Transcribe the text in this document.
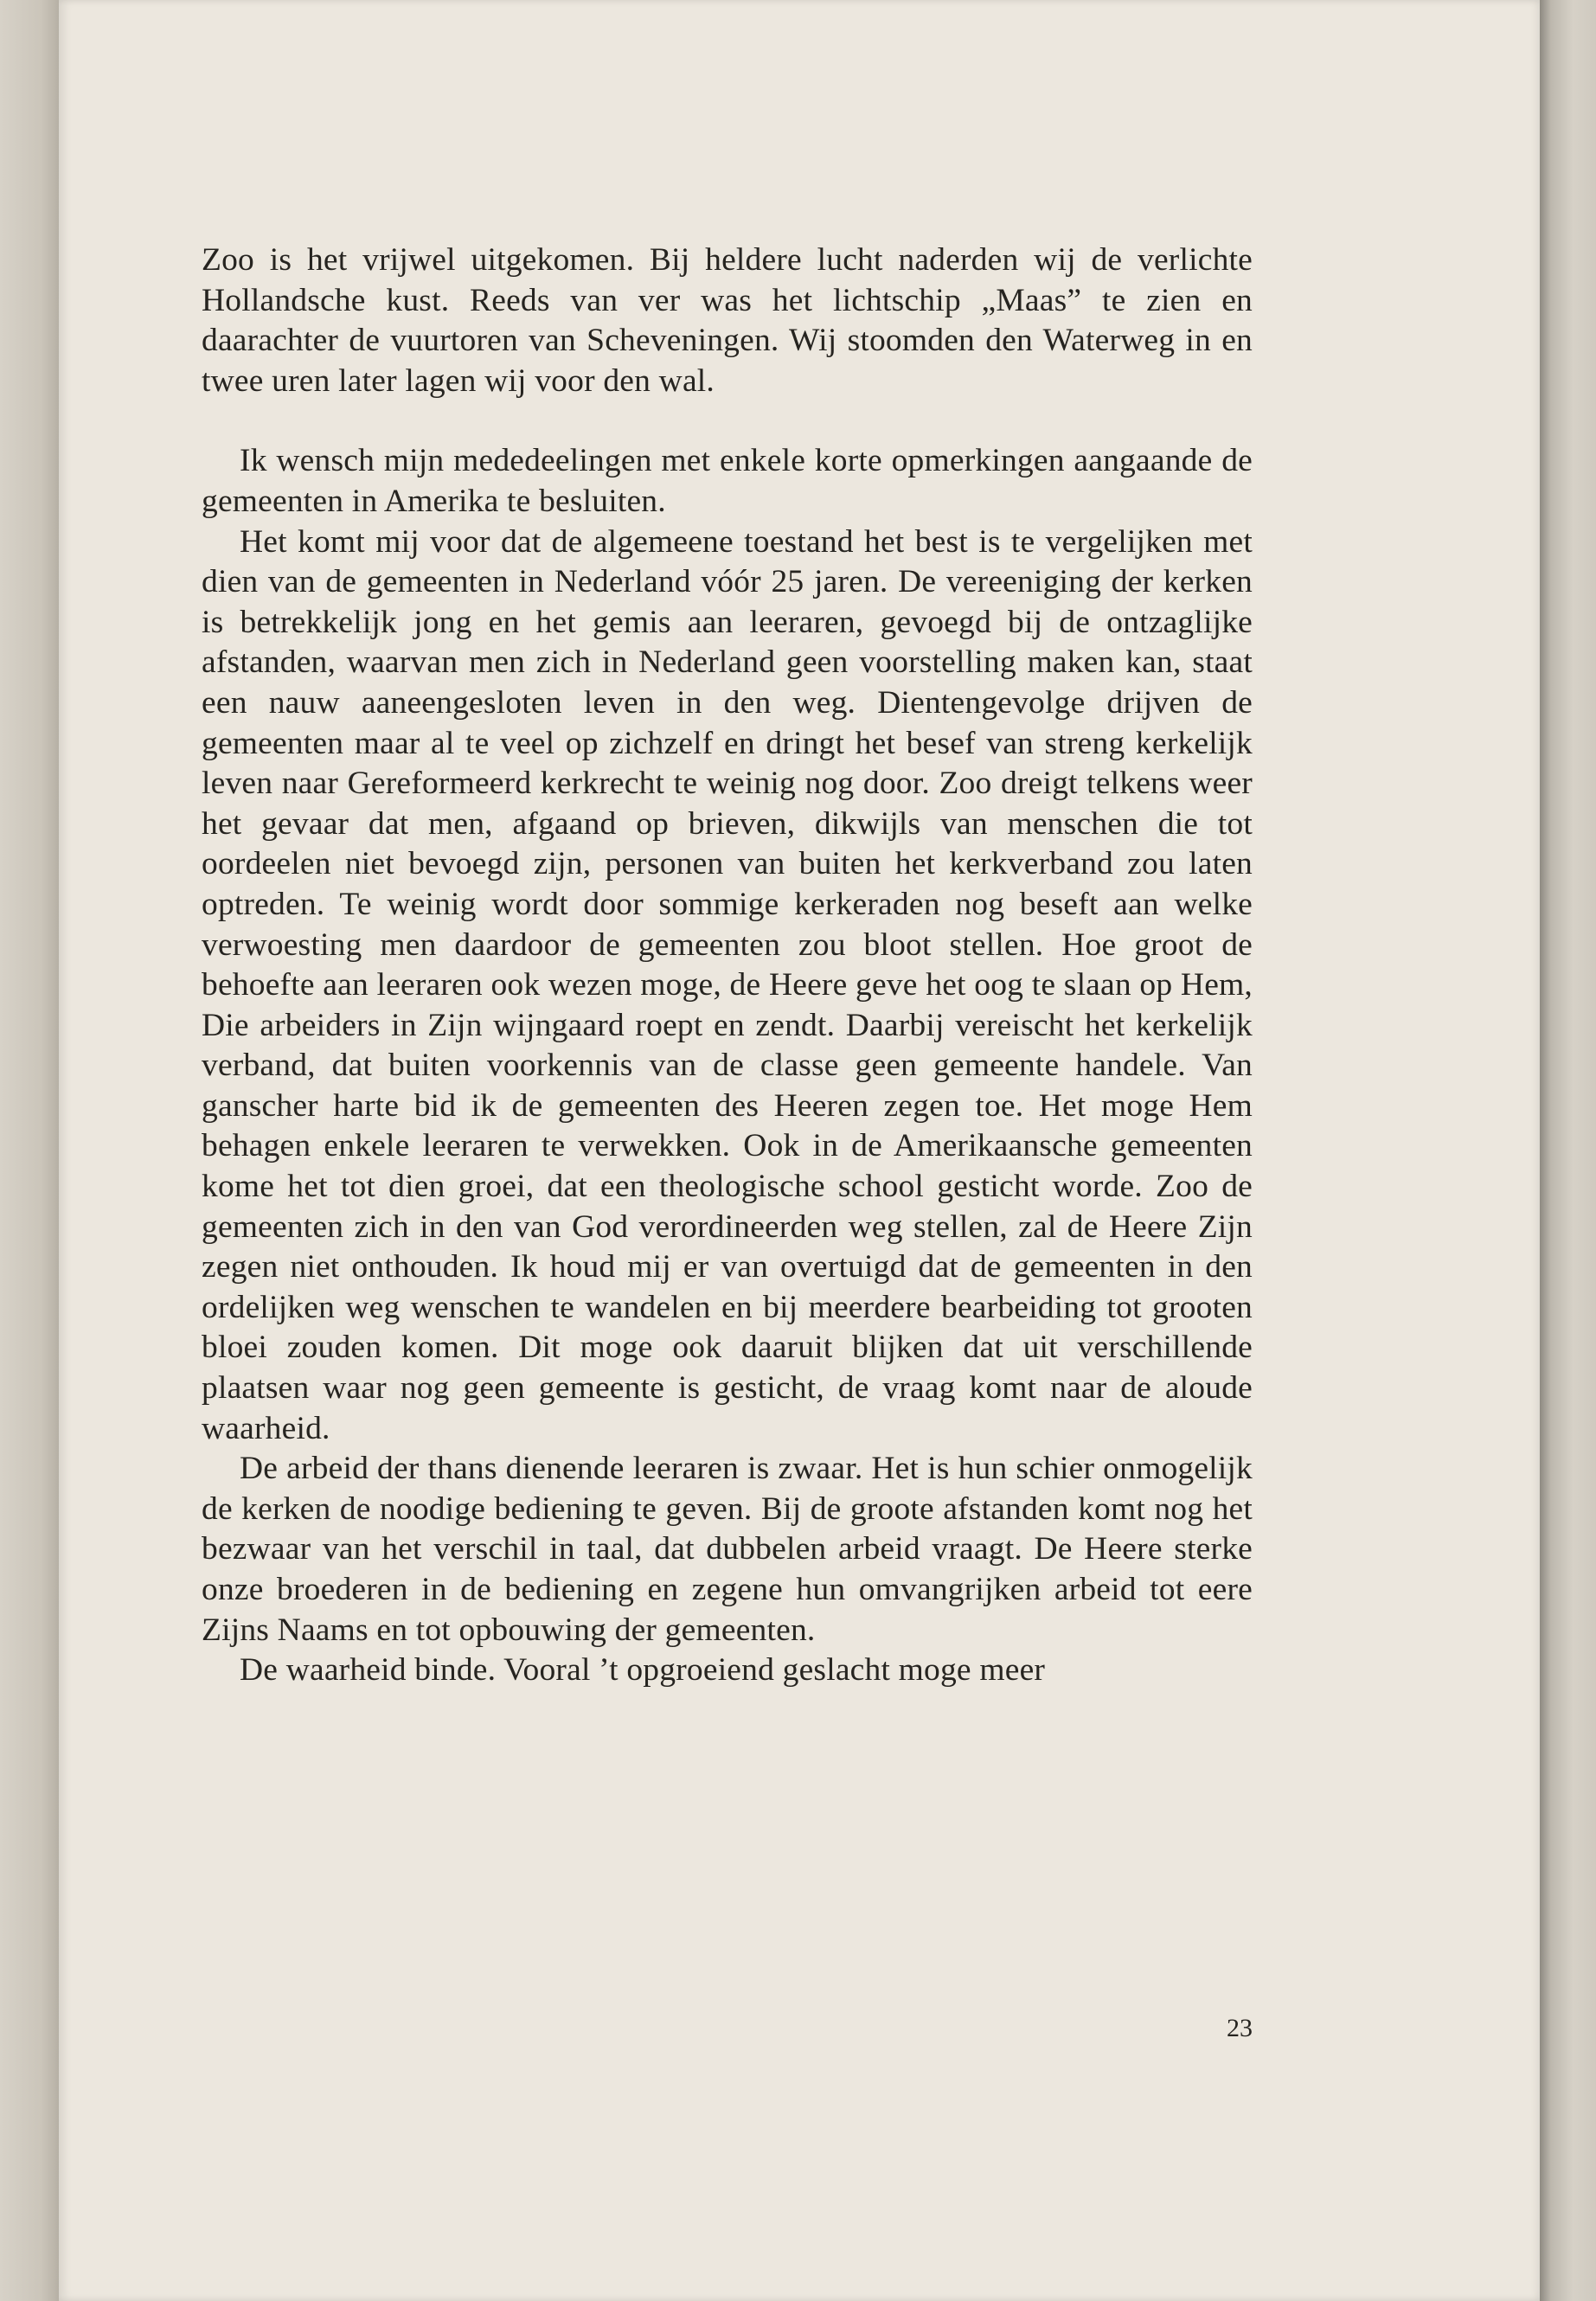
Zoo is het vrijwel uitgekomen. Bij heldere lucht naderden wij de verlichte Hollandsche kust. Reeds van ver was het lichtschip „Maas” te zien en daarachter de vuurtoren van Scheveningen. Wij stoomden den Waterweg in en twee uren later lagen wij voor den wal.

Ik wensch mijn mededeelingen met enkele korte opmerkingen aangaande de gemeenten in Amerika te besluiten.

Het komt mij voor dat de algemeene toestand het best is te vergelijken met dien van de gemeenten in Nederland vóór 25 jaren. De vereeniging der kerken is betrekkelijk jong en het gemis aan leeraren, gevoegd bij de ontzaglijke afstanden, waarvan men zich in Nederland geen voorstelling maken kan, staat een nauw aaneengesloten leven in den weg. Dientengevolge drijven de gemeenten maar al te veel op zichzelf en dringt het besef van streng kerkelijk leven naar Gereformeerd kerkrecht te weinig nog door. Zoo dreigt telkens weer het gevaar dat men, afgaand op brieven, dikwijls van menschen die tot oordeelen niet bevoegd zijn, personen van buiten het kerkverband zou laten optreden. Te weinig wordt door sommige kerkeraden nog beseft aan welke verwoesting men daardoor de gemeenten zou bloot stellen. Hoe groot de behoefte aan leeraren ook wezen moge, de Heere geve het oog te slaan op Hem, Die arbeiders in Zijn wijngaard roept en zendt. Daarbij vereischt het kerkelijk verband, dat buiten voorkennis van de classe geen gemeente handele. Van ganscher harte bid ik de gemeenten des Heeren zegen toe. Het moge Hem behagen enkele leeraren te verwekken. Ook in de Amerikaansche gemeenten kome het tot dien groei, dat een theologische school gesticht worde. Zoo de gemeenten zich in den van God verordineerden weg stellen, zal de Heere Zijn zegen niet onthouden. Ik houd mij er van overtuigd dat de gemeenten in den ordelijken weg wenschen te wandelen en bij meerdere bearbeiding tot grooten bloei zouden komen. Dit moge ook daaruit blijken dat uit verschillende plaatsen waar nog geen gemeente is gesticht, de vraag komt naar de aloude waarheid.

De arbeid der thans dienende leeraren is zwaar. Het is hun schier onmogelijk de kerken de noodige bediening te geven. Bij de groote afstanden komt nog het bezwaar van het verschil in taal, dat dubbelen arbeid vraagt. De Heere sterke onze broederen in de bediening en zegene hun omvangrijken arbeid tot eere Zijns Naams en tot opbouwing der gemeenten.

De waarheid binde. Vooral ’t opgroeiend geslacht moge meer

23
